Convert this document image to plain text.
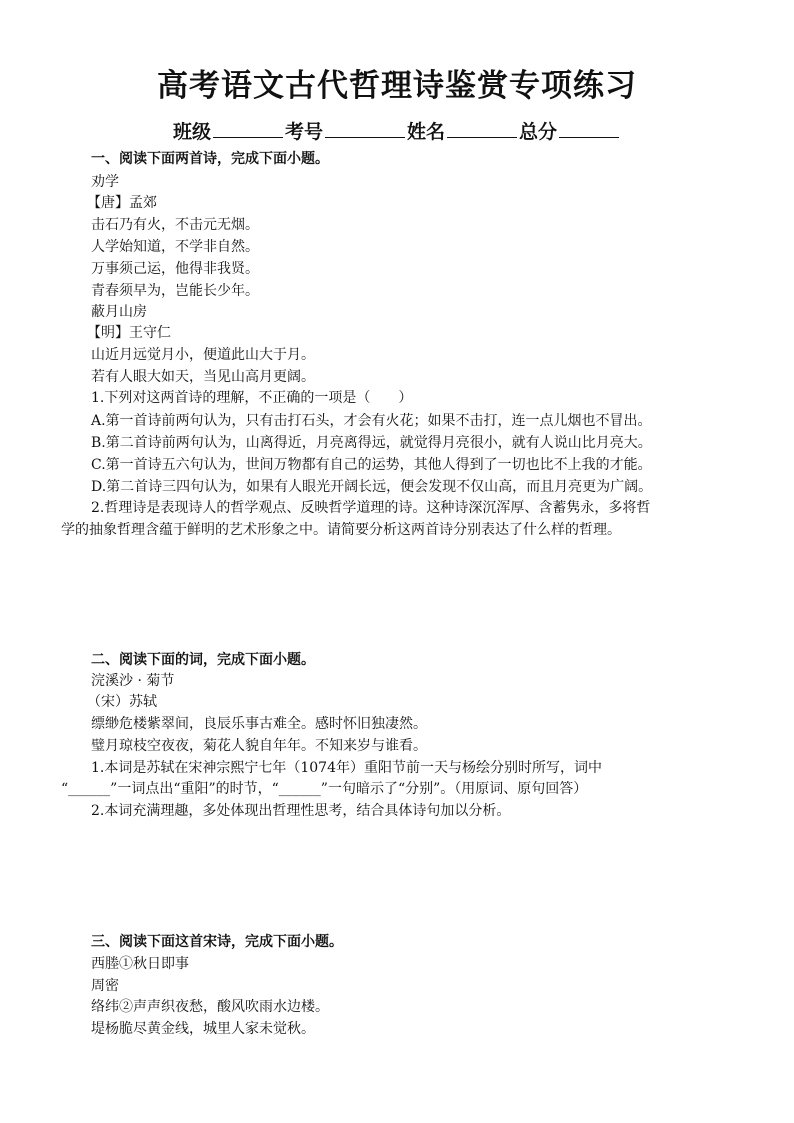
高考语文古代哲理诗鉴赏专项练习
班级	考号	姓名	总分
一、阅读下面两首诗，完成下面小题。
劝学
【唐】孟郊
击石乃有火，不击元无烟。
人学始知道，不学非自然。
万事须己运，他得非我贤。
青春须早为，岂能长少年。
蔽月山房
【明】王守仁
山近月远觉月小，便道此山大于月。
若有人眼大如天，当见山高月更阔。
1.下列对这两首诗的理解，不正确的一项是（　　）
A.第一首诗前两句认为，只有击打石头，才会有火花；如果不击打，连一点儿烟也不冒出。
B.第二首诗前两句认为，山离得近，月亮离得远，就觉得月亮很小，就有人说山比月亮大。
C.第一首诗五六句认为，世间万物都有自己的运势，其他人得到了一切也比不上我的才能。
D.第二首诗三四句认为，如果有人眼光开阔长远，便会发现不仅山高，而且月亮更为广阔。
2.哲理诗是表现诗人的哲学观点、反映哲学道理的诗。这种诗深沉浑厚、含蓄隽永，多将哲
学的抽象哲理含蕴于鲜明的艺术形象之中。请简要分析这两首诗分别表达了什么样的哲理。
二、阅读下面的词，完成下面小题。
浣溪沙 · 菊节
（宋）苏轼
缥缈危楼紫翠间，良辰乐事古难全。感时怀旧独凄然。
璧月琼枝空夜夜，菊花人貌自年年。不知来岁与谁看。
1.本词是苏轼在宋神宗熙宁七年（1074年）重阳节前一天与杨绘分别时所写，词中
“______”一词点出“重阳”的时节，“______”一句暗示了“分别”。（用原词、原句回答）
2.本词充满理趣，多处体现出哲理性思考，结合具体诗句加以分析。
三、阅读下面这首宋诗，完成下面小题。
西塍①秋日即事
周密
络纬②声声织夜愁，酸风吹雨水边楼。
堤杨脆尽黄金线，城里人家未觉秋。
